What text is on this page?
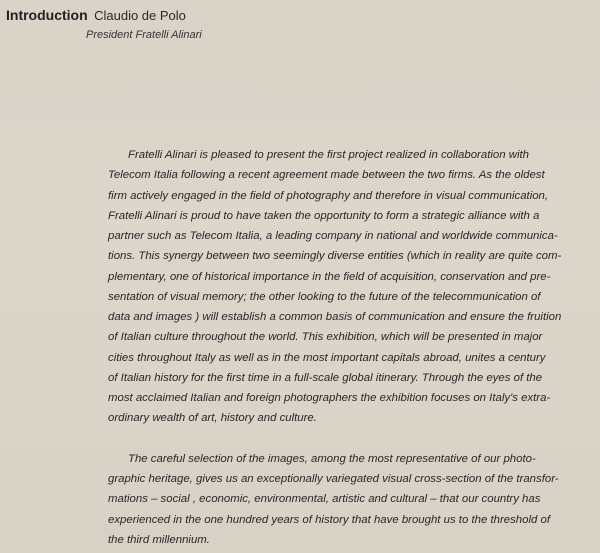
Introduction Claudio de Polo
President Fratelli Alinari

Fratelli Alinari is pleased to present the first project realized in collaboration with
Telecom Italia following a recent agreement made between the two firms. As the oldest
firm actively engaged in the field of photography and therefore in visual communication,
Fratelli Alinari is proud to have taken the opportunity to form a strategic alliance with a
partner such as Telecom Italia, a leading company in national and worldwide communica-
tions. This synergy between two seemingly diverse entities (which in reality are quite com-
plementary, one of historical importance in the field of acquisition, conservation and pre-
sentation of visual memory; the other looking to the future of the telecommunication of
data and images ) will establish a common basis of communication and ensure the fruition
of Italian culture throughout the world. This exhibition, which will be presented in major
cities throughout Italy as well as in the most important capitals abroad, unites a century
of Italian history for the first time in a full-scale global itinerary. Through the eyes of the
most acclaimed Italian and foreign photographers the exhibition focuses on Italy's extra-
ordinary wealth of art, history and culture.

The careful selection of the images, among the most representative of our photo-
graphic heritage, gives us an exceptionally variegated visual cross-section of the transfor-
mations – social , economic, environmental, artistic and cultural – that our country has
experienced in the one hundred years of history that have brought us to the threshold of
the third millennium.
